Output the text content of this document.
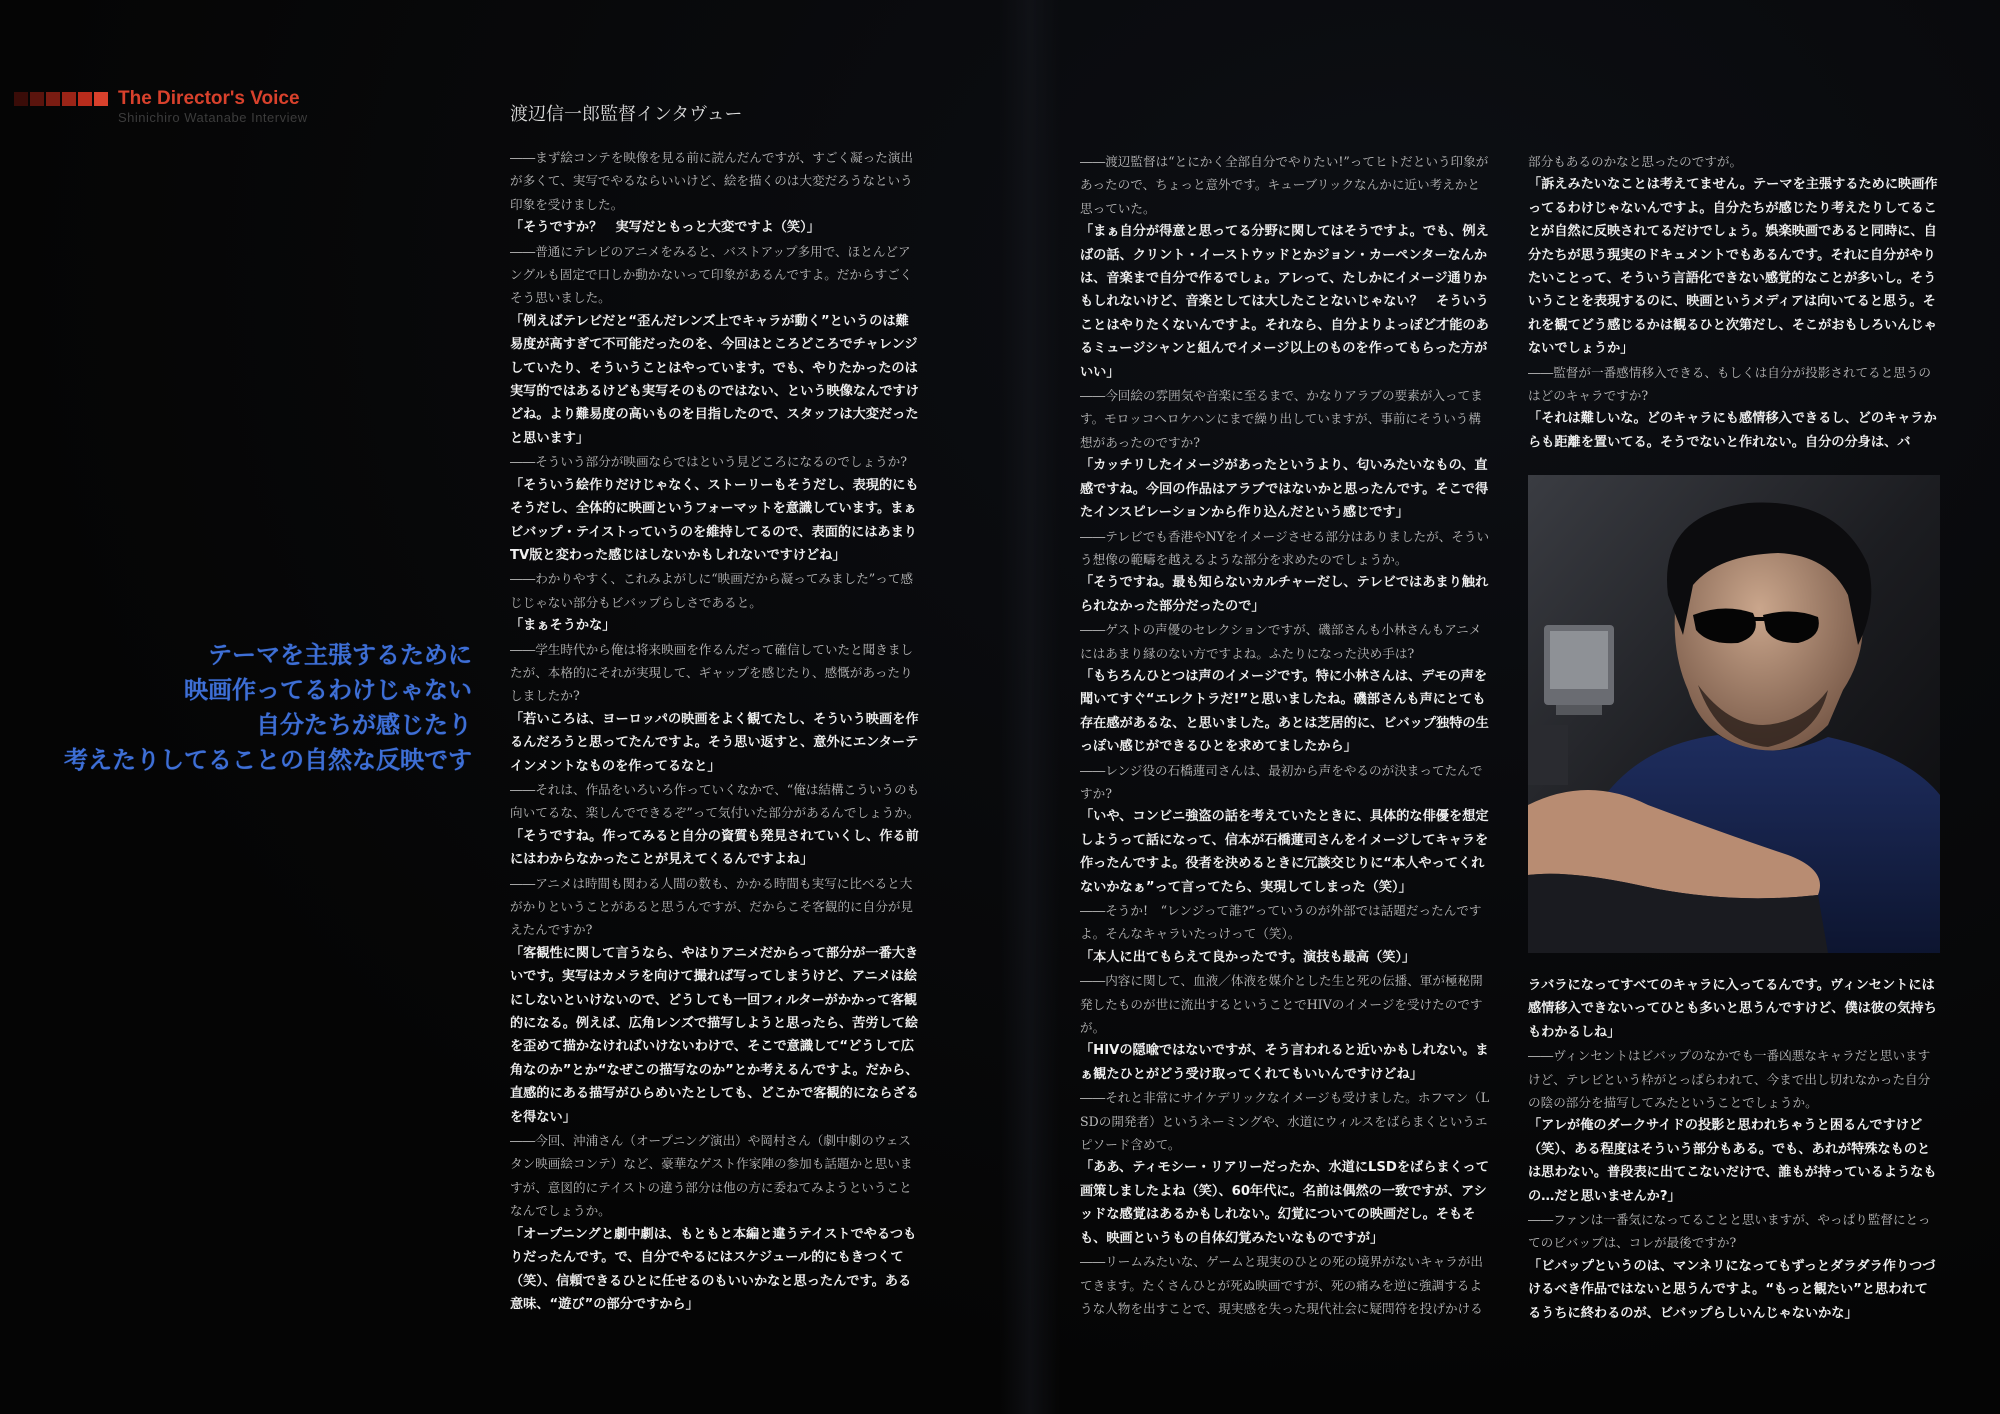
The Director's Voice
Shinichiro Watanabe Interview
テーマを主張するために
映画作ってるわけじゃない
自分たちが感じたり
考えたりしてることの自然な反映です
渡辺信一郎監督インタヴュー

――まず絵コンテを映像を見る前に読んだんですが、すごく凝った演出が多くて、実写でやるならいいけど、絵を描くのは大変だろうなという印象を受けました。

「そうですか？　実写だともっと大変ですよ（笑）」

――普通にテレビのアニメをみると、バストアップ多用で、ほとんどアングルも固定で口しか動かないって印象があるんですよ。だからすごくそう思いました。

「例えばテレビだと“歪んだレンズ上でキャラが動く”というのは難易度が高すぎて不可能だったのを、今回はところどころでチャレンジしていたり、そういうことはやっています。でも、やりたかったのは実写的ではあるけども実写そのものではない、という映像なんですけどね。より難易度の高いものを目指したので、スタッフは大変だったと思います」

――そういう部分が映画ならではという見どころになるのでしょうか?

「そういう絵作りだけじゃなく、ストーリーもそうだし、表現的にもそうだし、全体的に映画というフォーマットを意識しています。まぁビバップ・テイストっていうのを維持してるので、表面的にはあまりTV版と変わった感じはしないかもしれないですけどね」

――わかりやすく、これみよがしに“映画だから凝ってみました”って感じじゃない部分もビバップらしさであると。

「まぁそうかな」

――学生時代から俺は将来映画を作るんだって確信していたと聞きましたが、本格的にそれが実現して、ギャップを感じたり、感慨があったりしましたか?

「若いころは、ヨーロッパの映画をよく観てたし、そういう映画を作るんだろうと思ってたんですよ。そう思い返すと、意外にエンターテインメントなものを作ってるなと」

――それは、作品をいろいろ作っていくなかで、“俺は結構こういうのも向いてるな、楽しんでできるぞ”って気付いた部分があるんでしょうか。

「そうですね。作ってみると自分の資質も発見されていくし、作る前にはわからなかったことが見えてくるんですよね」

――アニメは時間も関わる人間の数も、かかる時間も実写に比べると大がかりということがあると思うんですが、だからこそ客観的に自分が見えたんですか?

「客観性に関して言うなら、やはりアニメだからって部分が一番大きいです。実写はカメラを向けて撮れば写ってしまうけど、アニメは絵にしないといけないので、どうしても一回フィルターがかかって客観的になる。例えば、広角レンズで描写しようと思ったら、苦労して絵を歪めて描かなければいけないわけで、そこで意識して“どうして広角なのか”とか“なぜこの描写なのか”とか考えるんですよ。だから、直感的にある描写がひらめいたとしても、どこかで客観的にならざるを得ない」

――今回、沖浦さん（オープニング演出）や岡村さん（劇中劇のウェスタン映画絵コンテ）など、豪華なゲスト作家陣の参加も話題かと思いますが、意図的にテイストの違う部分は他の方に委ねてみようということなんでしょうか。

「オープニングと劇中劇は、もともと本編と違うテイストでやるつもりだったんです。で、自分でやるにはスケジュール的にもきつくて（笑）、信頼できるひとに任せるのもいいかなと思ったんです。ある意味、“遊び”の部分ですから」

――渡辺監督は“とにかく全部自分でやりたい!”ってヒトだという印象があったので、ちょっと意外です。キューブリックなんかに近い考えかと思っていた。

「まぁ自分が得意と思ってる分野に関してはそうですよ。でも、例えばの話、クリント・イーストウッドとかジョン・カーペンターなんかは、音楽まで自分で作るでしょ。アレって、たしかにイメージ通りかもしれないけど、音楽としては大したことないじゃない？　そういうことはやりたくないんですよ。それなら、自分よりよっぽど才能のあるミュージシャンと組んでイメージ以上のものを作ってもらった方がいい」

――今回絵の雰囲気や音楽に至るまで、かなりアラブの要素が入ってます。モロッコへロケハンにまで繰り出していますが、事前にそういう構想があったのですか?

「カッチリしたイメージがあったというより、匂いみたいなもの、直感ですね。今回の作品はアラブではないかと思ったんです。そこで得たインスピレーションから作り込んだという感じです」

――テレビでも香港やNYをイメージさせる部分はありましたが、そういう想像の範疇を越えるような部分を求めたのでしょうか。

「そうですね。最も知らないカルチャーだし、テレビではあまり触れられなかった部分だったので」

――ゲストの声優のセレクションですが、磯部さんも小林さんもアニメにはあまり縁のない方ですよね。ふたりになった決め手は?

「もちろんひとつは声のイメージです。特に小林さんは、デモの声を聞いてすぐ“エレクトラだ!”と思いましたね。磯部さんも声にとても存在感があるな、と思いました。あとは芝居的に、ビバップ独特の生っぽい感じができるひとを求めてましたから」

――レンジ役の石橋蓮司さんは、最初から声をやるのが決まってたんですか?

「いや、コンビニ強盗の話を考えていたときに、具体的な俳優を想定しようって話になって、信本が石橋蓮司さんをイメージしてキャラを作ったんですよ。役者を決めるときに冗談交じりに“本人やってくれないかなぁ”って言ってたら、実現してしまった（笑）」

――そうか!　“レンジって誰?”っていうのが外部では話題だったんですよ。そんなキャラいたっけって（笑）。

「本人に出てもらえて良かったです。演技も最高（笑）」

――内容に関して、血液／体液を媒介とした生と死の伝播、軍が極秘開発したものが世に流出するということでHIVのイメージを受けたのですが。

「HIVの隠喩ではないですが、そう言われると近いかもしれない。まぁ観たひとがどう受け取ってくれてもいいんですけどね」

――それと非常にサイケデリックなイメージも受けました。ホフマン（LSDの開発者）というネーミングや、水道にウィルスをばらまくというエピソード含めて。

「ああ、ティモシー・リアリーだったか、水道にLSDをばらまくって画策しましたよね（笑）、60年代に。名前は偶然の一致ですが、アシッドな感覚はあるかもしれない。幻覚についての映画だし。そもそも、映画というもの自体幻覚みたいなものですが」

――リームみたいな、ゲームと現実のひとの死の境界がないキャラが出てきます。たくさんひとが死ぬ映画ですが、死の痛みを逆に強調するような人物を出すことで、現実感を失った現代社会に疑問符を投げかける

部分もあるのかなと思ったのですが。

「訴えみたいなことは考えてません。テーマを主張するために映画作ってるわけじゃないんですよ。自分たちが感じたり考えたりしてることが自然に反映されてるだけでしょう。娯楽映画であると同時に、自分たちが思う現実のドキュメントでもあるんです。それに自分がやりたいことって、そういう言語化できない感覚的なことが多いし。そういうことを表現するのに、映画というメディアは向いてると思う。それを観てどう感じるかは観るひと次第だし、そこがおもしろいんじゃないでしょうか」

――監督が一番感情移入できる、もしくは自分が投影されてると思うのはどのキャラですか?

「それは難しいな。どのキャラにも感情移入できるし、どのキャラからも距離を置いてる。そうでないと作れない。自分の分身は、バ

ラバラになってすべてのキャラに入ってるんです。ヴィンセントには感情移入できないってひとも多いと思うんですけど、僕は彼の気持ちもわかるしね」

――ヴィンセントはビバップのなかでも一番凶悪なキャラだと思いますけど、テレビという枠がとっぱらわれて、今まで出し切れなかった自分の陰の部分を描写してみたということでしょうか。

「アレが俺のダークサイドの投影と思われちゃうと困るんですけど（笑）、ある程度はそういう部分もある。でも、あれが特殊なものとは思わない。普段表に出てこないだけで、誰もが持っているようなもの…だと思いませんか?」

――ファンは一番気になってることと思いますが、やっぱり監督にとってのビバップは、コレが最後ですか?

「ビバップというのは、マンネリになってもずっとダラダラ作りつづけるべき作品ではないと思うんですよ。“もっと観たい”と思われてるうちに終わるのが、ビバップらしいんじゃないかな」
